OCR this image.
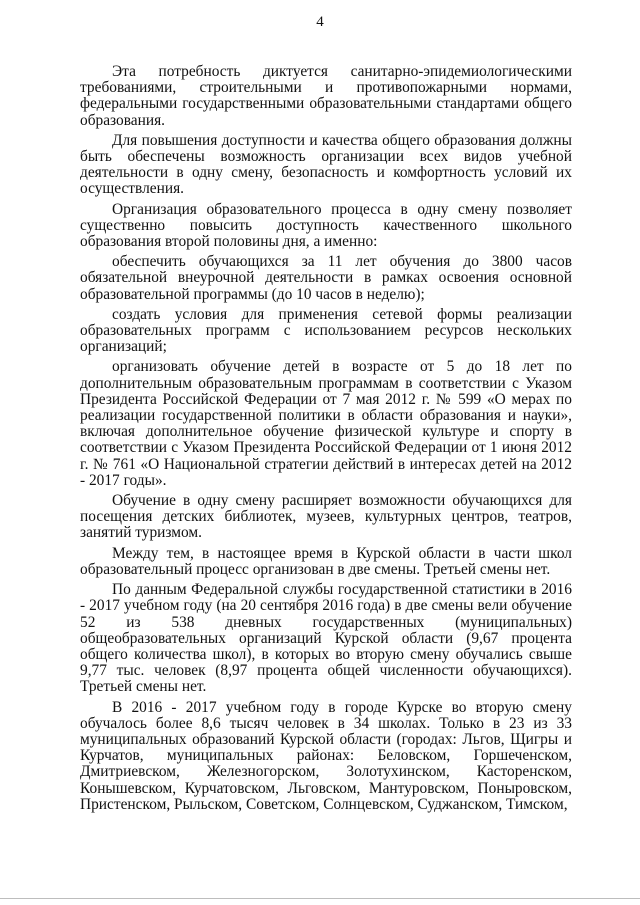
4

Эта потребность диктуется санитарно-эпидемиологическими требованиями, строительными и противопожарными нормами, федеральными государственными образовательными стандартами общего образования.

Для повышения доступности и качества общего образования должны быть обеспечены возможность организации всех видов учебной деятельности в одну смену, безопасность и комфортность условий их осуществления.

Организация образовательного процесса в одну смену позволяет существенно повысить доступность качественного школьного образования второй половины дня, а именно:

обеспечить обучающихся за 11 лет обучения до 3800 часов обязательной внеурочной деятельности в рамках освоения основной образовательной программы (до 10 часов в неделю);

создать условия для применения сетевой формы реализации образовательных программ с использованием ресурсов нескольких организаций;

организовать обучение детей в возрасте от 5 до 18 лет по дополнительным образовательным программам в соответствии с Указом Президента Российской Федерации от 7 мая 2012 г. № 599 «О мерах по реализации государственной политики в области образования и науки», включая дополнительное обучение физической культуре и спорту в соответствии с Указом Президента Российской Федерации от 1 июня 2012 г. № 761 «О Национальной стратегии действий в интересах детей на 2012 - 2017 годы».

Обучение в одну смену расширяет возможности обучающихся для посещения детских библиотек, музеев, культурных центров, театров, занятий туризмом.

Между тем, в настоящее время в Курской области в части школ образовательный процесс организован в две смены. Третьей смены нет.

По данным Федеральной службы государственной статистики в 2016 - 2017 учебном году (на 20 сентября 2016 года) в две смены вели обучение 52 из 538 дневных государственных (муниципальных) общеобразовательных организаций Курской области (9,67 процента общего количества школ), в которых во вторую смену обучались свыше 9,77 тыс. человек (8,97 процента общей численности обучающихся). Третьей смены нет.

В 2016 - 2017 учебном году в городе Курске во вторую смену обучалось более 8,6 тысяч человек в 34 школах. Только в 23 из 33 муниципальных образований Курской области (городах: Льгов, Щигры и Курчатов, муниципальных районах: Беловском, Горшеченском, Дмитриевском, Железногорском, Золотухинском, Касторенском, Конышевском, Курчатовском, Льговском, Мантуровском, Поныровском, Пристенском, Рыльском, Советском, Солнцевском, Суджанском, Тимском,
